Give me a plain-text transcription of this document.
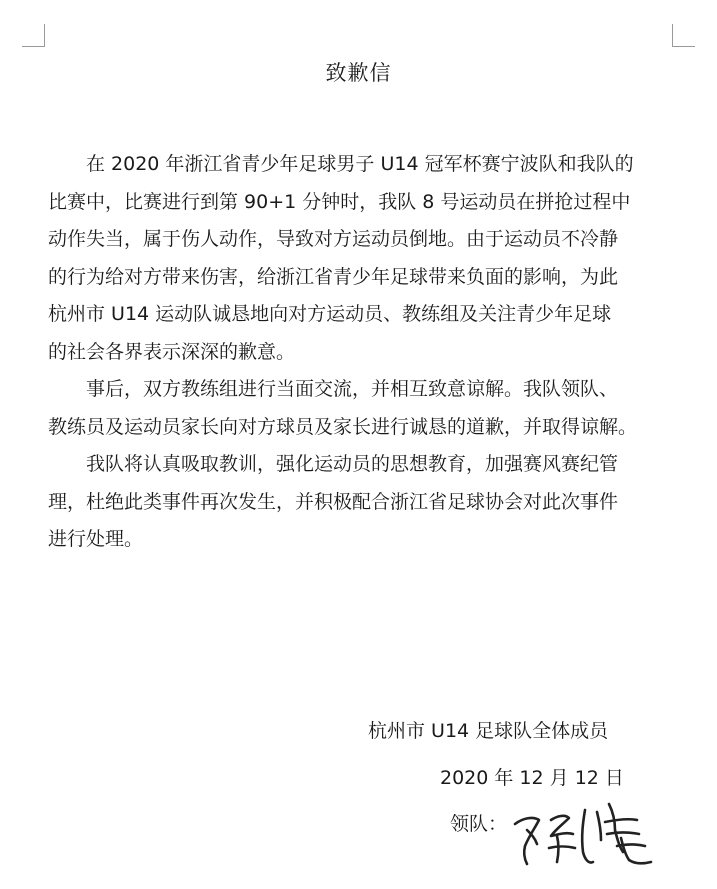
致歉信

在 2020 年浙江省青少年足球男子 U14 冠军杯赛宁波队和我队的
比赛中，比赛进行到第 90+1 分钟时，我队 8 号运动员在拼抢过程中
动作失当，属于伤人动作，导致对方运动员倒地。由于运动员不冷静
的行为给对方带来伤害，给浙江省青少年足球带来负面的影响，为此
杭州市 U14 运动队诚恳地向对方运动员、教练组及关注青少年足球
的社会各界表示深深的歉意。

事后，双方教练组进行当面交流，并相互致意谅解。我队领队、
教练员及运动员家长向对方球员及家长进行诚恳的道歉，并取得谅解。

我队将认真吸取教训，强化运动员的思想教育，加强赛风赛纪管
理，杜绝此类事件再次发生，并积极配合浙江省足球协会对此次事件
进行处理。

杭州市 U14 足球队全体成员
2020 年 12 月 12 日
领队：
